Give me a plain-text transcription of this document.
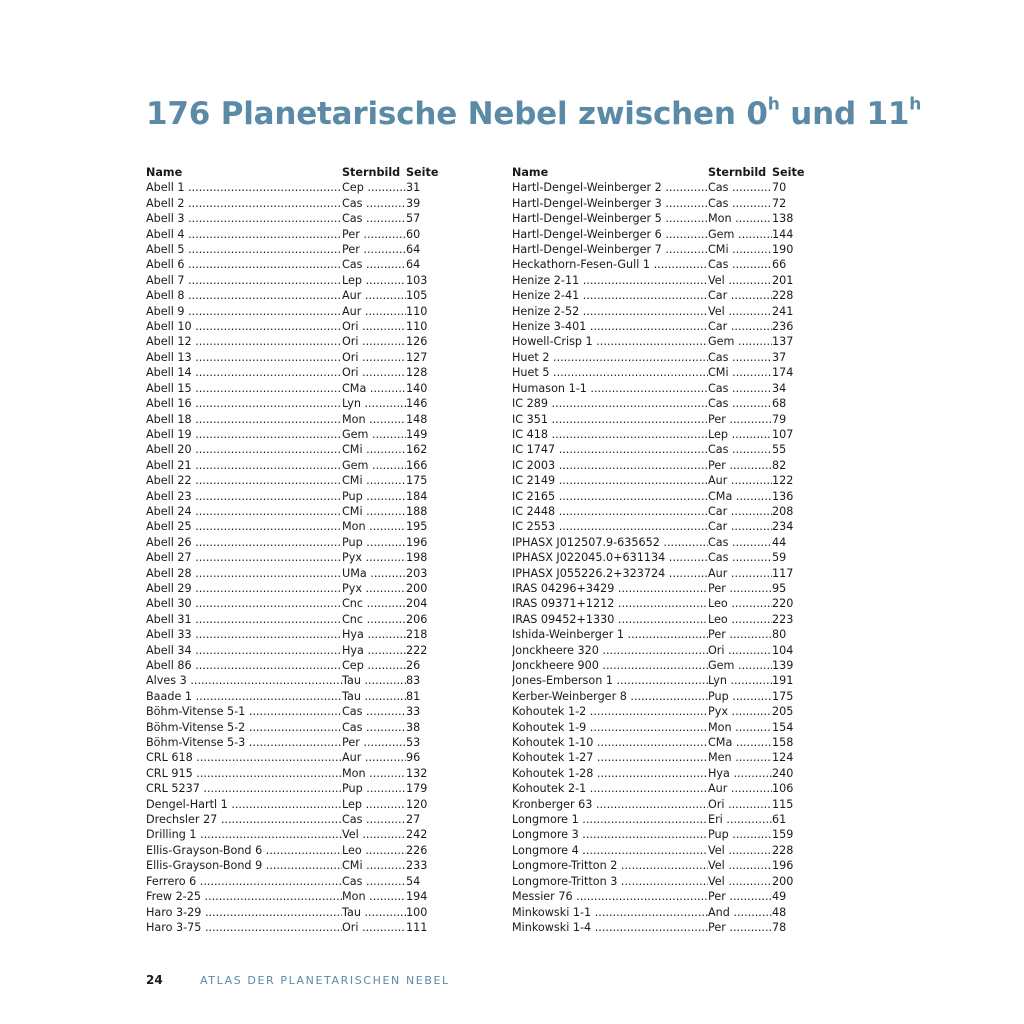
176 Planetarische Nebel zwischen 0$^h$ und 11$^h$
Name	Sternbild Seite
Abell 1 .....	Cep .....	31
Abell 2 .....	Cas .....	39
Abell 3 .....	Cas .....	57
Abell 4 .....	Per .....	60
Abell 5 .....	Per .....	64
Abell 6 .....	Cas .....	64
Abell 7 .....	Lep .....	103
Abell 8 .....	Aur .....	105
Abell 9 .....	Aur .....	110
Abell 10 .....	Ori .....	110
Abell 12 .....	Ori .....	126
Abell 13 .....	Ori .....	127
Abell 14 .....	Ori .....	128
Abell 15 .....	CMa .....	140
Abell 16 .....	Lyn .....	146
Abell 18 .....	Mon .....	148
Abell 19 .....	Gem .....	149
Abell 20 .....	CMi .....	162
Abell 21 .....	Gem .....	166
Abell 22 .....	CMi .....	175
Abell 23 .....	Pup .....	184
Abell 24 .....	CMi .....	188
Abell 25 .....	Mon .....	195
Abell 26 .....	Pup .....	196
Abell 27 .....	Pyx .....	198
Abell 28 .....	UMa .....	203
Abell 29 .....	Pyx .....	200
Abell 30 .....	Cnc .....	204
Abell 31 .....	Cnc .....	206
Abell 33 .....	Hya .....	218
Abell 34 .....	Hya .....	222
Abell 86 .....	Cep .....	26
Alves 3 .....	Tau .....	83
Baade 1 .....	Tau .....	81
Böhm-Vitense 5-1 .....	Cas .....	33
Böhm-Vitense 5-2 .....	Cas .....	38
Böhm-Vitense 5-3 .....	Per .....	53
CRL 618 .....	Aur .....	96
CRL 915 .....	Mon .....	132
CRL 5237 .....	Pup .....	179
Dengel-Hartl 1 .....	Lep .....	120
Drechsler 27 .....	Cas .....	27
Drilling 1 .....	Vel .....	242
Ellis-Grayson-Bond 6 .....	Leo .....	226
Ellis-Grayson-Bond 9 .....	CMi .....	233
Ferrero 6 .....	Cas .....	54
Frew 2-25 .....	Mon .....	194
Haro 3-29 .....	Tau .....	100
Haro 3-75 .....	Ori .....	111
Name	Sternbild Seite
Hartl-Dengel-Weinberger 2 .....	Cas .....	70
Hartl-Dengel-Weinberger 3 .....	Cas .....	72
Hartl-Dengel-Weinberger 5 .....	Mon .....	138
Hartl-Dengel-Weinberger 6 .....	Gem .....	144
Hartl-Dengel-Weinberger 7 .....	CMi .....	190
Heckathorn-Fesen-Gull 1 .....	Cas .....	66
Henize 2-11 .....	Vel .....	201
Henize 2-41 .....	Car .....	228
Henize 2-52 .....	Vel .....	241
Henize 3-401 .....	Car .....	236
Howell-Crisp 1 .....	Gem .....	137
Huet 2 .....	Cas .....	37
Huet 5 .....	CMi .....	174
Humason 1-1 .....	Cas .....	34
IC 289 .....	Cas .....	68
IC 351 .....	Per .....	79
IC 418 .....	Lep .....	107
IC 1747 .....	Cas .....	55
IC 2003 .....	Per .....	82
IC 2149 .....	Aur .....	122
IC 2165 .....	CMa .....	136
IC 2448 .....	Car .....	208
IC 2553 .....	Car .....	234
IPHASX J012507.9-635652 .....	Cas .....	44
IPHASX J022045.0+631134 .....	Cas .....	59
IPHASX J055226.2+323724 .....	Aur .....	117
IRAS 04296+3429 .....	Per .....	95
IRAS 09371+1212 .....	Leo .....	220
IRAS 09452+1330 .....	Leo .....	223
Ishida-Weinberger 1 .....	Per .....	80
Jonckheere 320 .....	Ori .....	104
Jonckheere 900 .....	Gem .....	139
Jones-Emberson 1 .....	Lyn .....	191
Kerber-Weinberger 8 .....	Pup .....	175
Kohoutek 1-2 .....	Pyx .....	205
Kohoutek 1-9 .....	Mon .....	154
Kohoutek 1-10 .....	CMa .....	158
Kohoutek 1-27 .....	Men .....	124
Kohoutek 1-28 .....	Hya .....	240
Kohoutek 2-1 .....	Aur .....	106
Kronberger 63 .....	Ori .....	115
Longmore 1 .....	Eri .....	61
Longmore 3 .....	Pup .....	159
Longmore 4 .....	Vel .....	228
Longmore-Tritton 2 .....	Vel .....	196
Longmore-Tritton 3 .....	Vel .....	200
Messier 76 .....	Per .....	49
Minkowski 1-1 .....	And .....	48
Minkowski 1-4 .....	Per .....	78
24	ATLAS DER PLANETARISCHEN NEBEL
